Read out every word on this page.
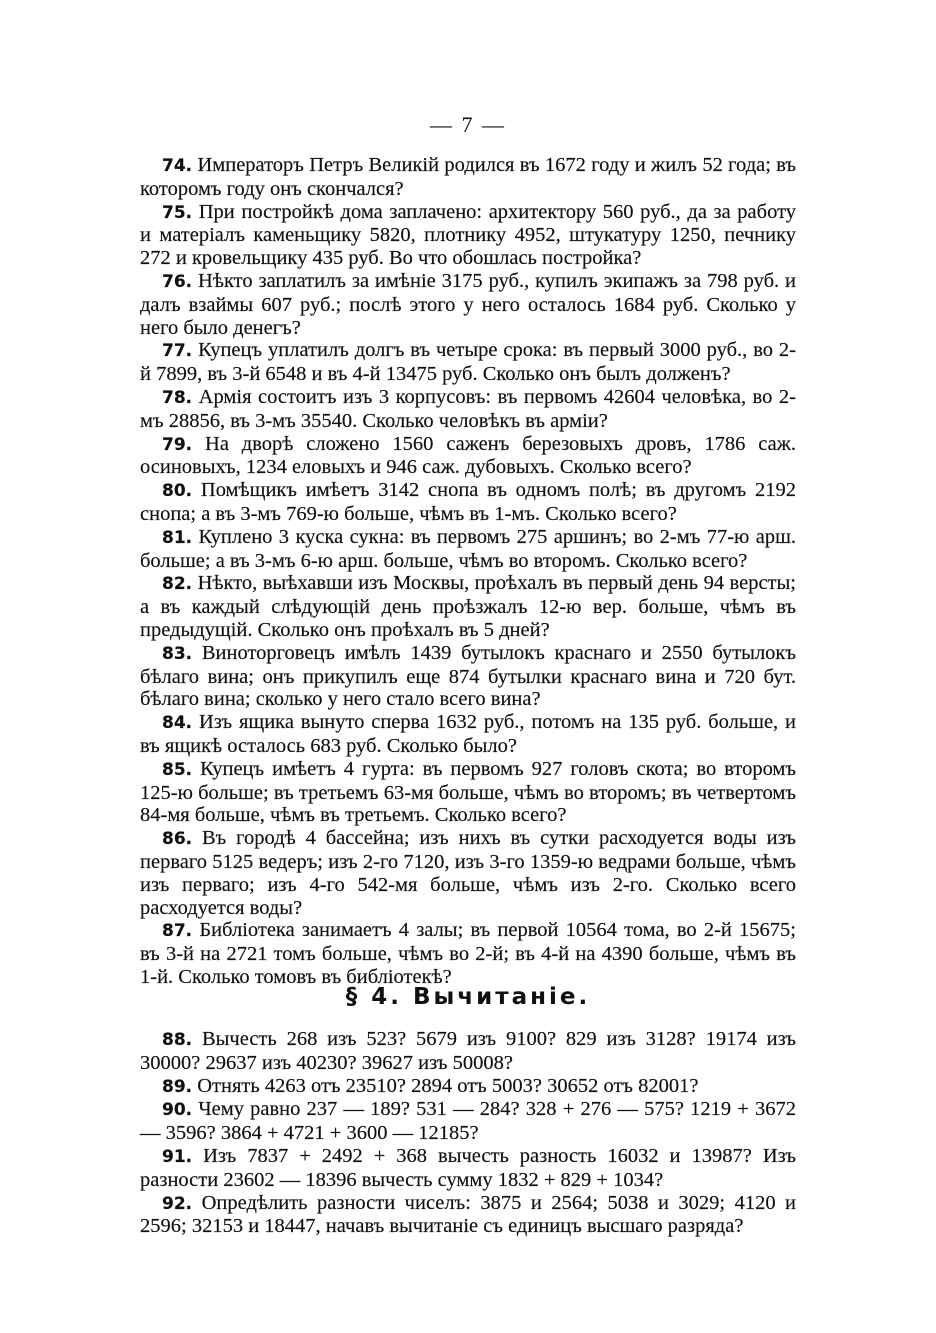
— 7 —

74. Императоръ Петръ Великій родился въ 1672 году и жилъ 52 года; въ которомъ году онъ скончался?

75. При постройкѣ дома заплачено: архитектору 560 руб., да за работу и матеріалъ каменьщику 5820, плотнику 4952, штукатуру 1250, печнику 272 и кровельщику 435 руб. Во что обошлась постройка?

76. Нѣкто заплатилъ за имѣніе 3175 руб., купилъ экипажъ за 798 руб. и далъ взаймы 607 руб.; послѣ этого у него осталось 1684 руб. Сколько у него было денегъ?

77. Купецъ уплатилъ долгъ въ четыре срока: въ первый 3000 руб., во 2-й 7899, въ 3-й 6548 и въ 4-й 13475 руб. Сколько онъ былъ долженъ?

78. Армія состоитъ изъ 3 корпусовъ: въ первомъ 42604 человѣка, во 2-мъ 28856, въ 3-мъ 35540. Сколько человѣкъ въ арміи?

79. На дворѣ сложено 1560 саженъ березовыхъ дровъ, 1786 саж. осиновыхъ, 1234 еловыхъ и 946 саж. дубовыхъ. Сколько всего?

80. Помѣщикъ имѣетъ 3142 снопа въ одномъ полѣ; въ другомъ 2192 снопа; а въ 3-мъ 769-ю больше, чѣмъ въ 1-мъ. Сколько всего?

81. Куплено 3 куска сукна: въ первомъ 275 аршинъ; во 2-мъ 77-ю арш. больше; а въ 3-мъ 6-ю арш. больше, чѣмъ во второмъ. Сколько всего?

82. Нѣкто, выѣхавши изъ Москвы, проѣхалъ въ первый день 94 версты; а въ каждый слѣдующій день проѣзжалъ 12-ю вер. больше, чѣмъ въ предыдущій. Сколько онъ проѣхалъ въ 5 дней?

83. Виноторговецъ имѣлъ 1439 бутылокъ краснаго и 2550 бутылокъ бѣлаго вина; онъ прикупилъ еще 874 бутылки краснаго вина и 720 бут. бѣлаго вина; сколько у него стало всего вина?

84. Изъ ящика вынуто сперва 1632 руб., потомъ на 135 руб. больше, и въ ящикѣ осталось 683 руб. Сколько было?

85. Купецъ имѣетъ 4 гурта: въ первомъ 927 головъ скота; во второмъ 125-ю больше; въ третьемъ 63-мя больше, чѣмъ во второмъ; въ четвертомъ 84-мя больше, чѣмъ въ третьемъ. Сколько всего?

86. Въ городѣ 4 бассейна; изъ нихъ въ сутки расходуется воды изъ перваго 5125 ведеръ; изъ 2-го 7120, изъ 3-го 1359-ю ведрами больше, чѣмъ изъ перваго; изъ 4-го 542-мя больше, чѣмъ изъ 2-го. Сколько всего расходуется воды?

87. Библіотека занимаетъ 4 залы; въ первой 10564 тома, во 2-й 15675; въ 3-й на 2721 томъ больше, чѣмъ во 2-й; въ 4-й на 4390 больше, чѣмъ въ 1-й. Сколько томовъ въ библіотекѣ?

§ 4. Вычитаніе.

88. Вычесть 268 изъ 523? 5679 изъ 9100? 829 изъ 3128? 19174 изъ 30000? 29637 изъ 40230? 39627 изъ 50008?

89. Отнять 4263 отъ 23510? 2894 отъ 5003? 30652 отъ 82001?

90. Чему равно 237 — 189? 531 — 284? 328 + 276 — 575? 1219 + 3672 — 3596? 3864 + 4721 + 3600 — 12185?

91. Изъ 7837 + 2492 + 368 вычесть разность 16032 и 13987? Изъ разности 23602 — 18396 вычесть сумму 1832 + 829 + 1034?

92. Опредѣлить разности чиселъ: 3875 и 2564; 5038 и 3029; 4120 и 2596; 32153 и 18447, начавъ вычитаніе съ единицъ высшаго разряда?
